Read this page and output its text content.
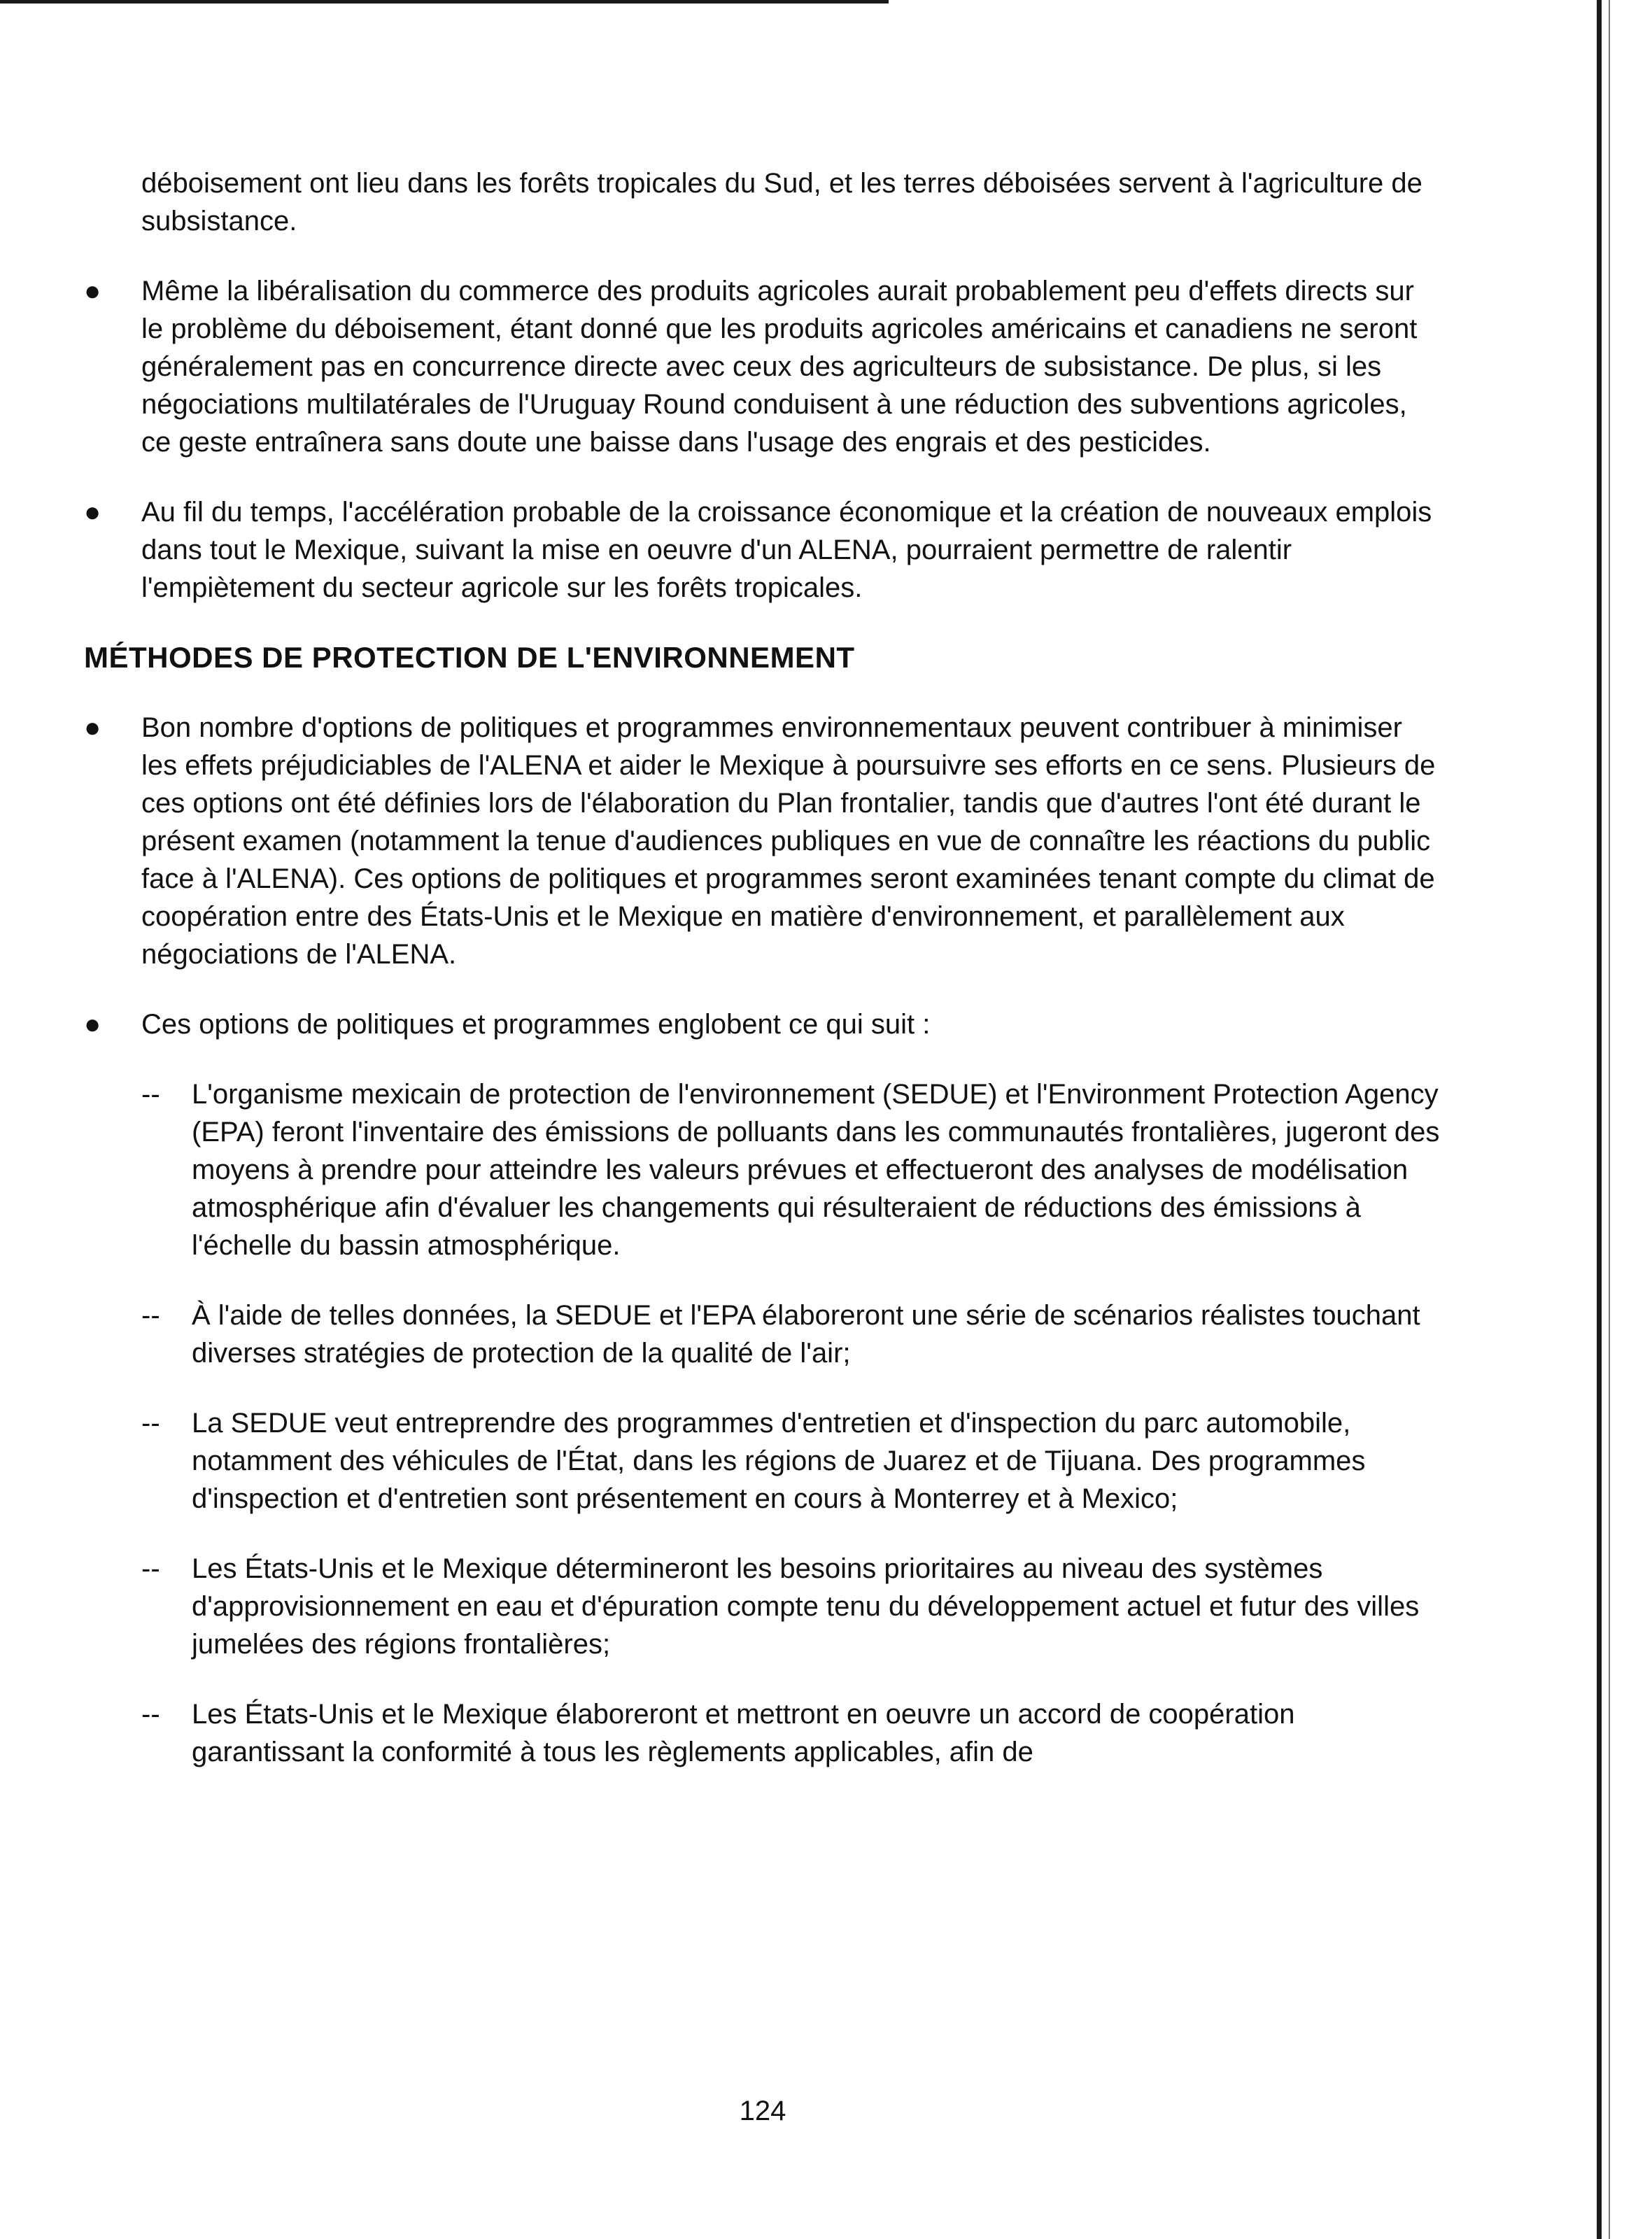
déboisement ont lieu dans les forêts tropicales du Sud, et les terres déboisées servent à l'agriculture de subsistance.

●	Même la libéralisation du commerce des produits agricoles aurait probablement peu d'effets directs sur le problème du déboisement, étant donné que les produits agricoles américains et canadiens ne seront généralement pas en concurrence directe avec ceux des agriculteurs de subsistance. De plus, si les négociations multilatérales de l'Uruguay Round conduisent à une réduction des subventions agricoles, ce geste entraînera sans doute une baisse dans l'usage des engrais et des pesticides.
●	Au fil du temps, l'accélération probable de la croissance économique et la création de nouveaux emplois dans tout le Mexique, suivant la mise en oeuvre d'un ALENA, pourraient permettre de ralentir l'empiètement du secteur agricole sur les forêts tropicales.
MÉTHODES DE PROTECTION DE L'ENVIRONNEMENT
●	Bon nombre d'options de politiques et programmes environnementaux peuvent contribuer à minimiser les effets préjudiciables de l'ALENA et aider le Mexique à poursuivre ses efforts en ce sens. Plusieurs de ces options ont été définies lors de l'élaboration du Plan frontalier, tandis que d'autres l'ont été durant le présent examen (notamment la tenue d'audiences publiques en vue de connaître les réactions du public face à l'ALENA). Ces options de politiques et programmes seront examinées tenant compte du climat de coopération entre des États-Unis et le Mexique en matière d'environnement, et parallèlement aux négociations de l'ALENA.
●	Ces options de politiques et programmes englobent ce qui suit :
-- L'organisme mexicain de protection de l'environnement (SEDUE) et l'Environment Protection Agency (EPA) feront l'inventaire des émissions de polluants dans les communautés frontalières, jugeront des moyens à prendre pour atteindre les valeurs prévues et effectueront des analyses de modélisation atmosphérique afin d'évaluer les changements qui résulteraient de réductions des émissions à l'échelle du bassin atmosphérique.
-- À l'aide de telles données, la SEDUE et l'EPA élaboreront une série de scénarios réalistes touchant diverses stratégies de protection de la qualité de l'air;
-- La SEDUE veut entreprendre des programmes d'entretien et d'inspection du parc automobile, notamment des véhicules de l'État, dans les régions de Juarez et de Tijuana. Des programmes d'inspection et d'entretien sont présentement en cours à Monterrey et à Mexico;
-- Les États-Unis et le Mexique détermineront les besoins prioritaires au niveau des systèmes d'approvisionnement en eau et d'épuration compte tenu du développement actuel et futur des villes jumelées des régions frontalières;
-- Les États-Unis et le Mexique élaboreront et mettront en oeuvre un accord de coopération garantissant la conformité à tous les règlements applicables, afin de
124
